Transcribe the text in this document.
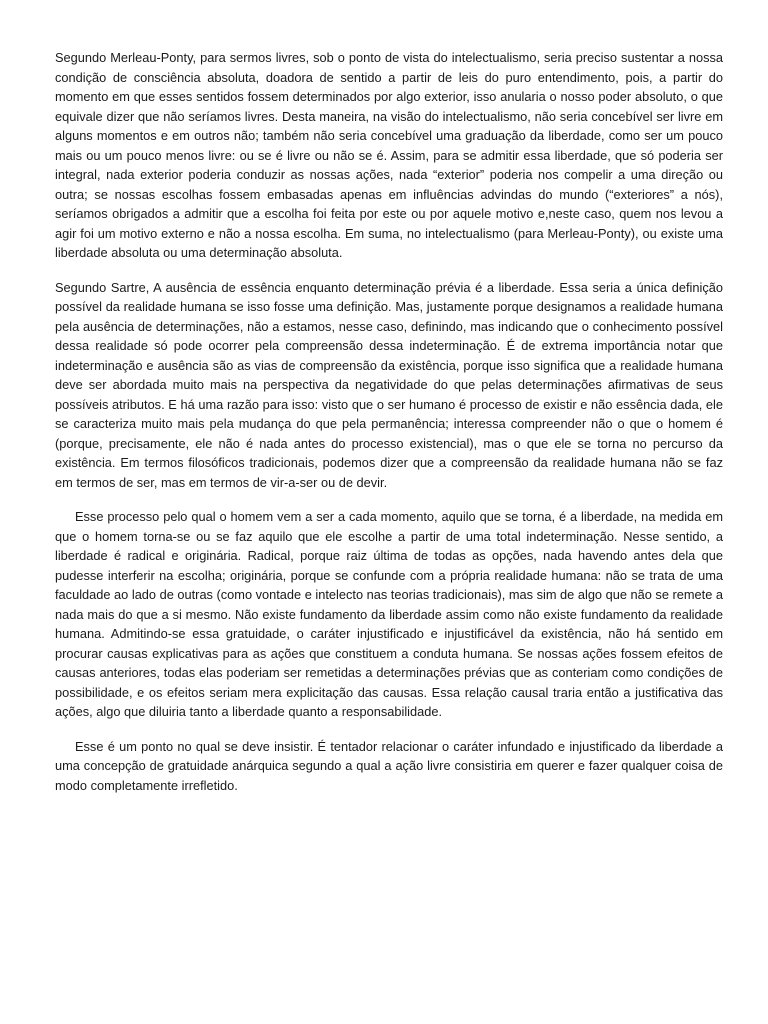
Segundo Merleau-Ponty, para sermos livres, sob o ponto de vista do intelectualismo, seria preciso sustentar a nossa condição de consciência absoluta, doadora de sentido a partir de leis do puro entendimento, pois, a partir do momento em que esses sentidos fossem determinados por algo exterior, isso anularia o nosso poder absoluto, o que equivale dizer que não seríamos livres. Desta maneira, na visão do intelectualismo, não seria concebível ser livre em alguns momentos e em outros não; também não seria concebível uma graduação da liberdade, como ser um pouco mais ou um pouco menos livre: ou se é livre ou não se é. Assim, para se admitir essa liberdade, que só poderia ser integral, nada exterior poderia conduzir as nossas ações, nada “exterior” poderia nos compelir a uma direção ou outra; se nossas escolhas fossem embasadas apenas em influências advindas do mundo (“exteriores” a nós), seríamos obrigados a admitir que a escolha foi feita por este ou por aquele motivo e,neste caso, quem nos levou a agir foi um motivo externo e não a nossa escolha. Em suma, no intelectualismo (para Merleau-Ponty), ou existe uma liberdade absoluta ou uma determinação absoluta.

Segundo Sartre, A ausência de essência enquanto determinação prévia é a liberdade. Essa seria a única definição possível da realidade humana se isso fosse uma definição. Mas, justamente porque designamos a realidade humana pela ausência de determinações, não a estamos, nesse caso, definindo, mas indicando que o conhecimento possível dessa realidade só pode ocorrer pela compreensão dessa indeterminação. É de extrema importância notar que indeterminação e ausência são as vias de compreensão da existência, porque isso significa que a realidade humana deve ser abordada muito mais na perspectiva da negatividade do que pelas determinações afirmativas de seus possíveis atributos. E há uma razão para isso: visto que o ser humano é processo de existir e não essência dada, ele se caracteriza muito mais pela mudança do que pela permanência; interessa compreender não o que o homem é (porque, precisamente, ele não é nada antes do processo existencial), mas o que ele se torna no percurso da existência. Em termos filosóficos tradicionais, podemos dizer que a compreensão da realidade humana não se faz em termos de ser, mas em termos de vir-a-ser ou de devir.

Esse processo pelo qual o homem vem a ser a cada momento, aquilo que se torna, é a liberdade, na medida em que o homem torna-se ou se faz aquilo que ele escolhe a partir de uma total indeterminação. Nesse sentido, a liberdade é radical e originária. Radical, porque raiz última de todas as opções, nada havendo antes dela que pudesse interferir na escolha; originária, porque se confunde com a própria realidade humana: não se trata de uma faculdade ao lado de outras (como vontade e intelecto nas teorias tradicionais), mas sim de algo que não se remete a nada mais do que a si mesmo. Não existe fundamento da liberdade assim como não existe fundamento da realidade humana. Admitindo-se essa gratuidade, o caráter injustificado e injustificável da existência, não há sentido em procurar causas explicativas para as ações que constituem a conduta humana. Se nossas ações fossem efeitos de causas anteriores, todas elas poderiam ser remetidas a determinações prévias que as conteriam como condições de possibilidade, e os efeitos seriam mera explicitação das causas. Essa relação causal traria então a justificativa das ações, algo que diluiria tanto a liberdade quanto a responsabilidade.

Esse é um ponto no qual se deve insistir. É tentador relacionar o caráter infundado e injustificado da liberdade a uma concepção de gratuidade anárquica segundo a qual a ação livre consistiria em querer e fazer qualquer coisa de modo completamente irrefletido.
